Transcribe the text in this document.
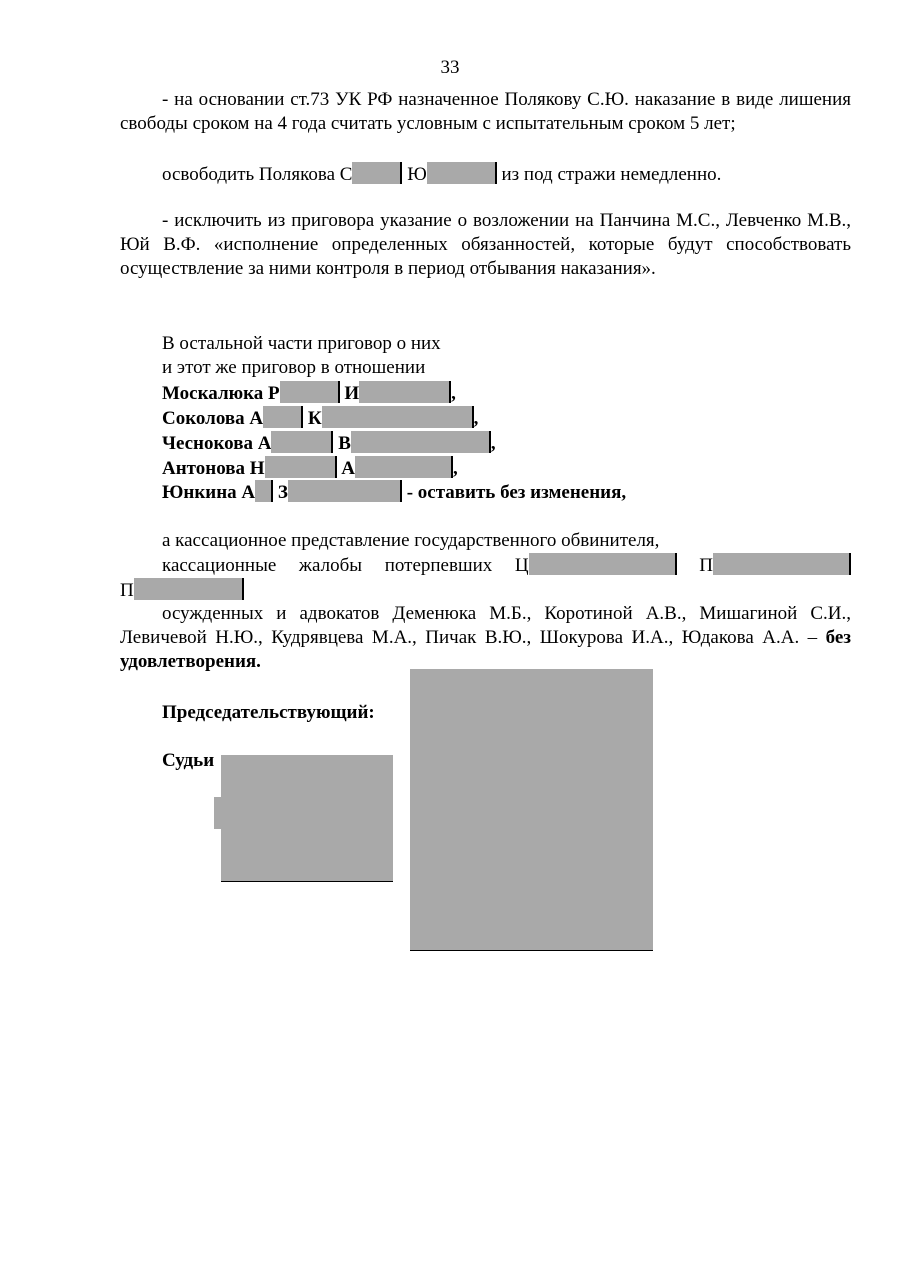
33

- на основании ст.73 УК РФ назначенное Полякову С.Ю. наказание в виде лишения свободы сроком на 4 года считать условным с испытательным сроком 5 лет;

освободить Полякова С	Ю	из под стражи немедленно.

- исключить из приговора указание о возложении на Панчина М.С., Левченко М.В., Юй В.Ф. «исполнение определенных обязанностей, которые будут способствовать осуществление за ними контроля в период отбывания наказания».

В остальной части приговор о них

и этот же приговор в отношении

Москалюка Р	И	,

Соколова А К	,

Чеснокова А	В	,

Антонова Н	А	,

Юнкина А З	- оставить без изменения,

а кассационное представление государственного обвинителя,

кассационные жалобы потерпевших Ц	П

П

осужденных и адвокатов Деменюка М.Б., Коротиной А.В., Мишагиной С.И., Левичевой Н.Ю., Кудрявцева М.А., Пичак В.Ю., Шокурова И.А., Юдакова А.А. – без удовлетворения.

Председательствующий:
Судьи
